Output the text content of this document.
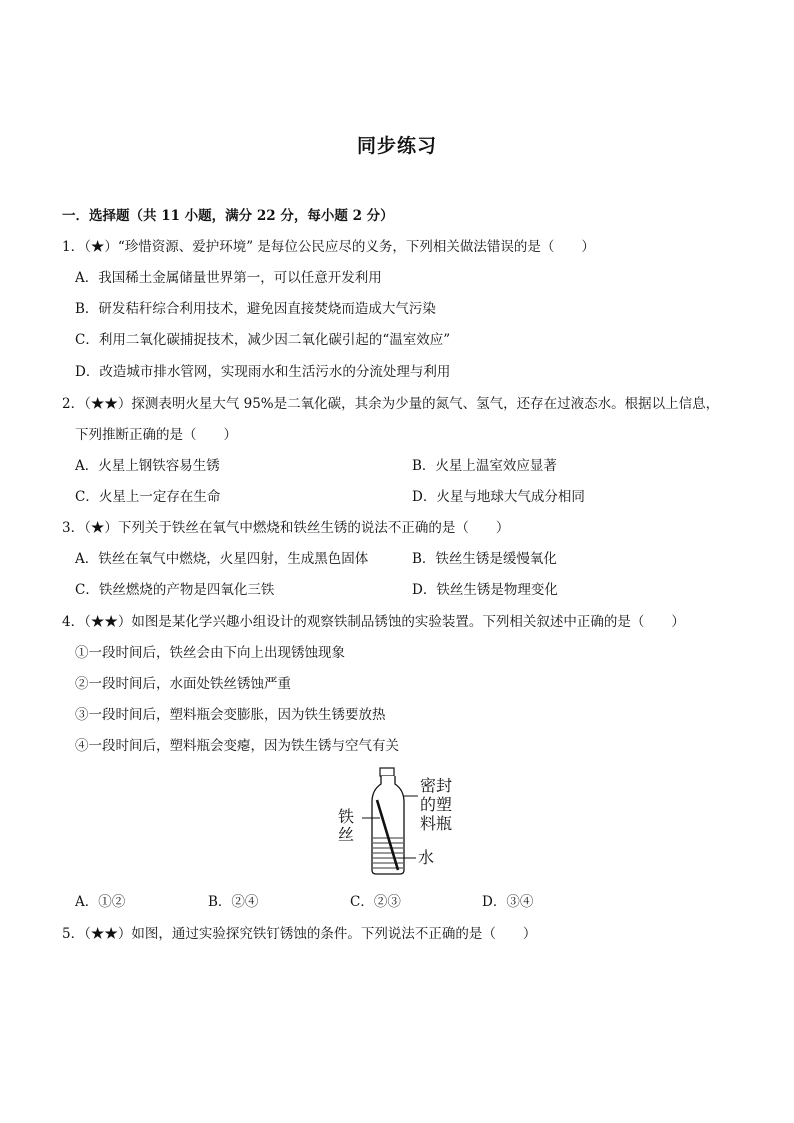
同步练习
一．选择题（共 11 小题，满分 22 分，每小题 2 分）
1．（★）“珍惜资源、爱护环境” 是每位公民应尽的义务，下列相关做法错误的是（　　）
A．我国稀土金属储量世界第一，可以任意开发利用
B．研发秸秆综合利用技术，避免因直接焚烧而造成大气污染
C．利用二氧化碳捕捉技术，减少因二氧化碳引起的“温室效应”
D．改造城市排水管网，实现雨水和生活污水的分流处理与利用
2．（★★）探测表明火星大气 95%是二氧化碳，其余为少量的氮气、氢气，还存在过液态水。根据以上信息，
下列推断正确的是（　　）
A．火星上钢铁容易生锈	B．火星上温室效应显著
C．火星上一定存在生命	D．火星与地球大气成分相同
3．（★）下列关于铁丝在氧气中燃烧和铁丝生锈的说法不正确的是（　　）
A．铁丝在氧气中燃烧，火星四射，生成黑色固体	B．铁丝生锈是缓慢氧化
C．铁丝燃烧的产物是四氧化三铁	D．铁丝生锈是物理变化
4．（★★）如图是某化学兴趣小组设计的观察铁制品锈蚀的实验装置。下列相关叙述中正确的是（　　）
①一段时间后，铁丝会由下向上出现锈蚀现象
②一段时间后，水面处铁丝锈蚀严重
③一段时间后，塑料瓶会变膨胀，因为铁生锈要放热
④一段时间后，塑料瓶会变瘪，因为铁生锈与空气有关
铁
丝
密封
的塑
料瓶
水
A．①②	B．②④	C．②③	D．③④
5．（★★）如图，通过实验探究铁钉锈蚀的条件。下列说法不正确的是（　　）
